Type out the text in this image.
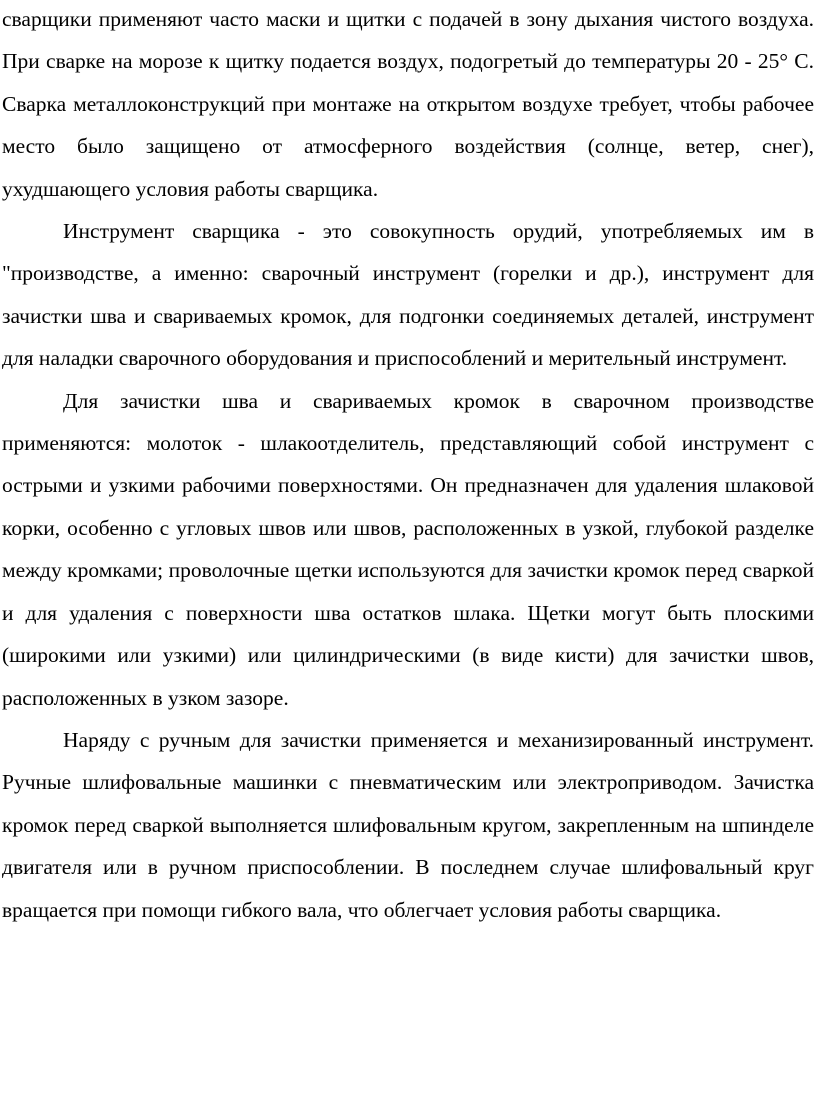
сварщики применяют часто маски и щитки с подачей в зону дыхания чистого воздуха. При сварке на морозе к щитку подается воздух, подогретый до температуры 20 - 25° С. Сварка металлоконструкций при монтаже на открытом воздухе требует, чтобы рабочее место было защищено от атмосферного воздействия (солнце, ветер, снег), ухудшающего условия работы сварщика.

Инструмент сварщика - это совокупность орудий, употребляемых им в "производстве, а именно: сварочный инструмент (горелки и др.), инструмент для зачистки шва и свариваемых кромок, для подгонки соединяемых деталей, инструмент для наладки сварочного оборудования и приспособлений и мерительный инструмент.

Для зачистки шва и свариваемых кромок в сварочном производстве применяются: молоток - шлакоотделитель, представляющий собой инструмент с острыми и узкими рабочими поверхностями. Он предназначен для удаления шлаковой корки, особенно с угловых швов или швов, расположенных в узкой, глубокой разделке между кромками; проволочные щетки используются для зачистки кромок перед сваркой и для удаления с поверхности шва остатков шлака. Щетки могут быть плоскими (широкими или узкими) или цилиндрическими (в виде кисти) для зачистки швов, расположенных в узком зазоре.

Наряду с ручным для зачистки применяется и механизированный инструмент. Ручные шлифовальные машинки с пневматическим или электроприводом. Зачистка кромок перед сваркой выполняется шлифовальным кругом, закрепленным на шпинделе двигателя или в ручном приспособлении. В последнем случае шлифовальный круг вращается при помощи гибкого вала, что облегчает условия работы сварщика.
